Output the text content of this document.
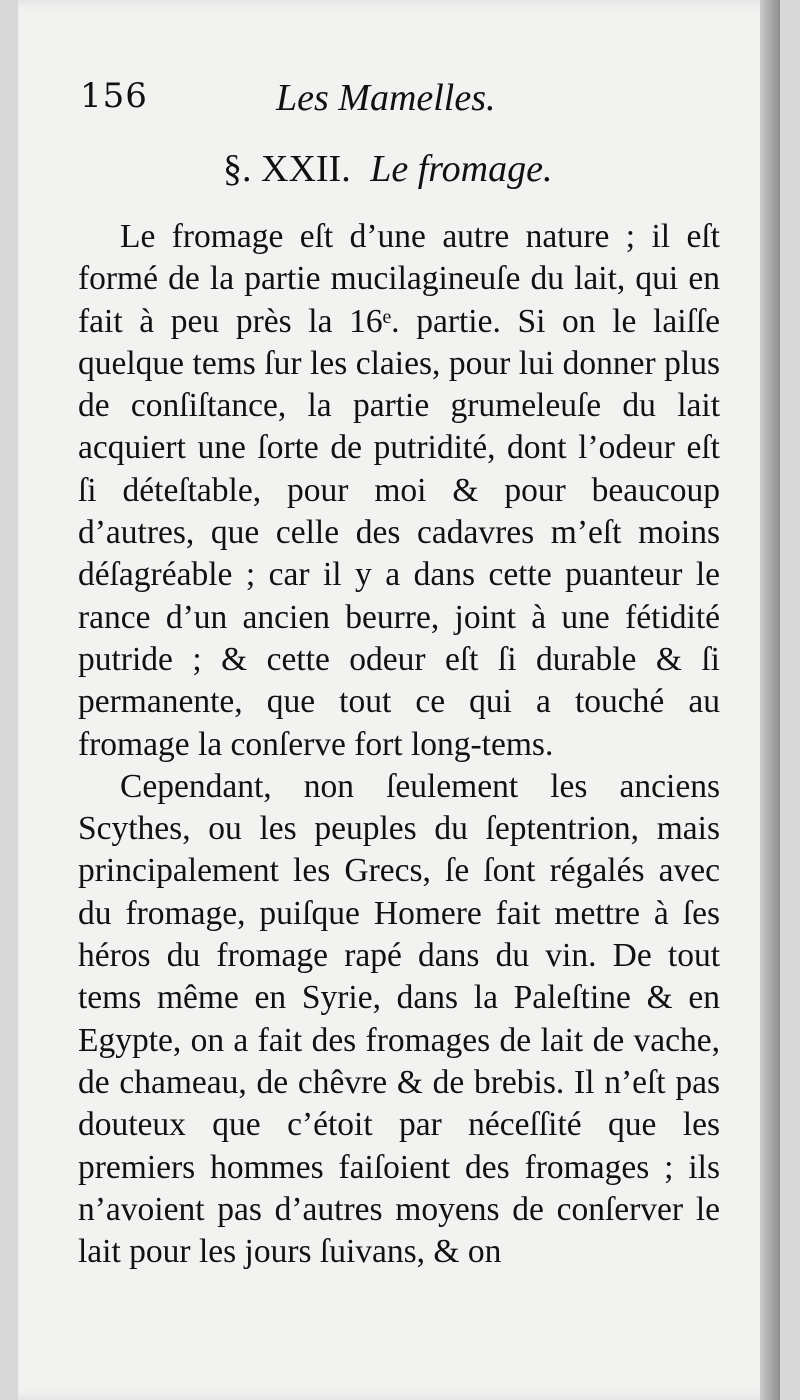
156	Les Mamelles.
§. XXII. Le fromage.

Le fromage eſt d’une autre nature ; il eſt formé de la partie mucilagineuſe du lait, qui en fait à peu près la 16ᵉ. partie. Si on le laiſſe quelque tems ſur les claies, pour lui donner plus de conſiſtance, la partie grumeleuſe du lait acquiert une ſorte de putridité, dont l’odeur eſt ſi déteſtable, pour moi & pour beaucoup d’autres, que celle des cadavres m’eſt moins déſagréable ; car il y a dans cette puanteur le rance d’un ancien beurre, joint à une fétidité putride ; & cette odeur eſt ſi durable & ſi permanente, que tout ce qui a touché au fromage la conſerve fort long-tems.

Cependant, non ſeulement les anciens Scythes, ou les peuples du ſeptentrion, mais principalement les Grecs, ſe ſont régalés avec du fromage, puiſque Homere fait mettre à ſes héros du fromage rapé dans du vin. De tout tems même en Syrie, dans la Paleſtine & en Egypte, on a fait des fromages de lait de vache, de chameau, de chêvre & de brebis. Il n’eſt pas douteux que c’étoit par néceſſité que les premiers hommes faiſoient des fromages ; ils n’avoient pas d’autres moyens de conſerver le lait pour les jours ſuivans, & on
